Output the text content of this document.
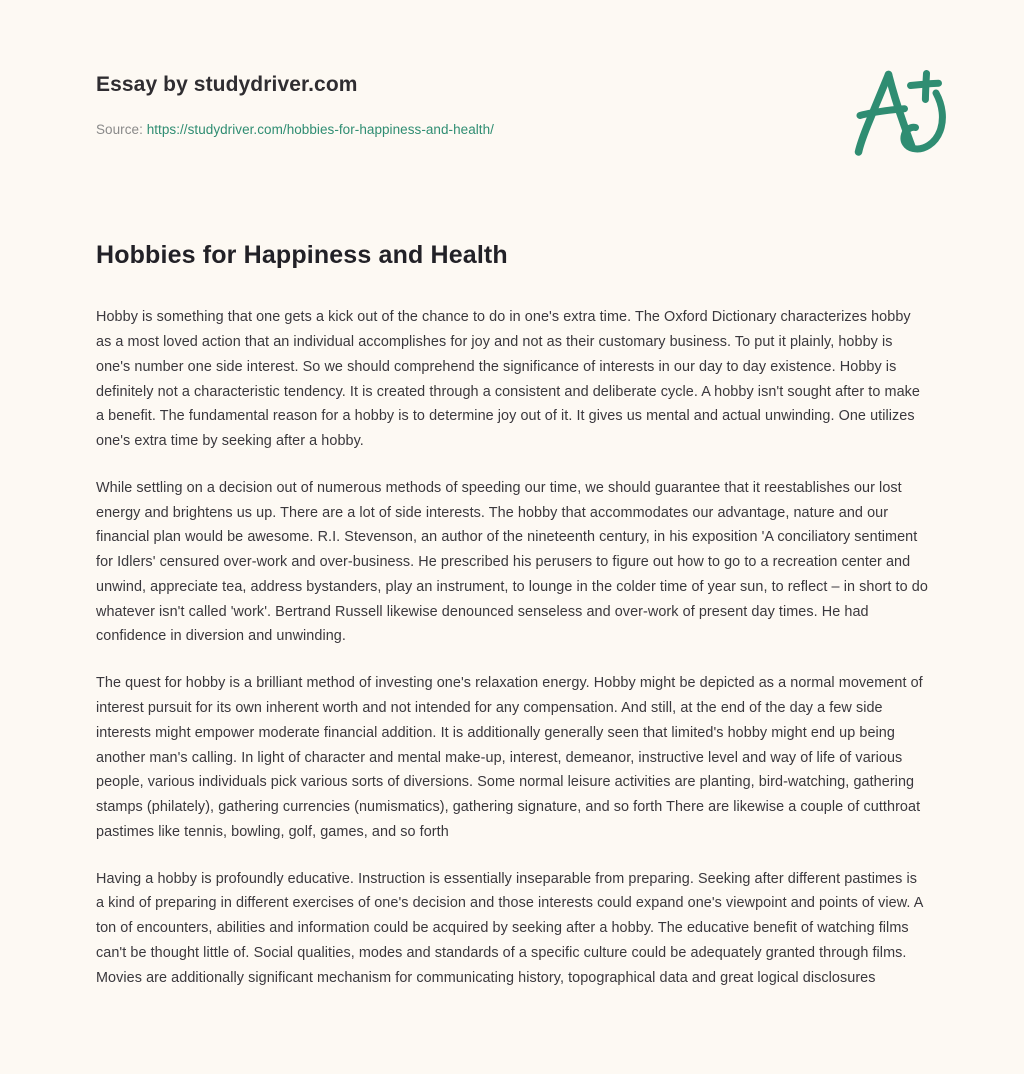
Essay by studydriver.com
Source: https://studydriver.com/hobbies-for-happiness-and-health/
Hobbies for Happiness and Health

Hobby is something that one gets a kick out of the chance to do in one's extra time. The Oxford Dictionary characterizes hobby as a most loved action that an individual accomplishes for joy and not as their customary business. To put it plainly, hobby is one's number one side interest. So we should comprehend the significance of interests in our day to day existence. Hobby is definitely not a characteristic tendency. It is created through a consistent and deliberate cycle. A hobby isn't sought after to make a benefit. The fundamental reason for a hobby is to determine joy out of it. It gives us mental and actual unwinding. One utilizes one's extra time by seeking after a hobby.

While settling on a decision out of numerous methods of speeding our time, we should guarantee that it reestablishes our lost energy and brightens us up. There are a lot of side interests. The hobby that accommodates our advantage, nature and our financial plan would be awesome. R.I. Stevenson, an author of the nineteenth century, in his exposition 'A conciliatory sentiment for Idlers' censured over-work and over-business. He prescribed his perusers to figure out how to go to a recreation center and unwind, appreciate tea, address bystanders, play an instrument, to lounge in the colder time of year sun, to reflect – in short to do whatever isn't called 'work'. Bertrand Russell likewise denounced senseless and over-work of present day times. He had confidence in diversion and unwinding.

The quest for hobby is a brilliant method of investing one's relaxation energy. Hobby might be depicted as a normal movement of interest pursuit for its own inherent worth and not intended for any compensation. And still, at the end of the day a few side interests might empower moderate financial addition. It is additionally generally seen that limited's hobby might end up being another man's calling. In light of character and mental make-up, interest, demeanor, instructive level and way of life of various people, various individuals pick various sorts of diversions. Some normal leisure activities are planting, bird-watching, gathering stamps (philately), gathering currencies (numismatics), gathering signature, and so forth There are likewise a couple of cutthroat pastimes like tennis, bowling, golf, games, and so forth

Having a hobby is profoundly educative. Instruction is essentially inseparable from preparing. Seeking after different pastimes is a kind of preparing in different exercises of one's decision and those interests could expand one's viewpoint and points of view. A ton of encounters, abilities and information could be acquired by seeking after a hobby. The educative benefit of watching films can't be thought little of. Social qualities, modes and standards of a specific culture could be adequately granted through films. Movies are additionally significant mechanism for communicating history, topographical data and great logical disclosures
